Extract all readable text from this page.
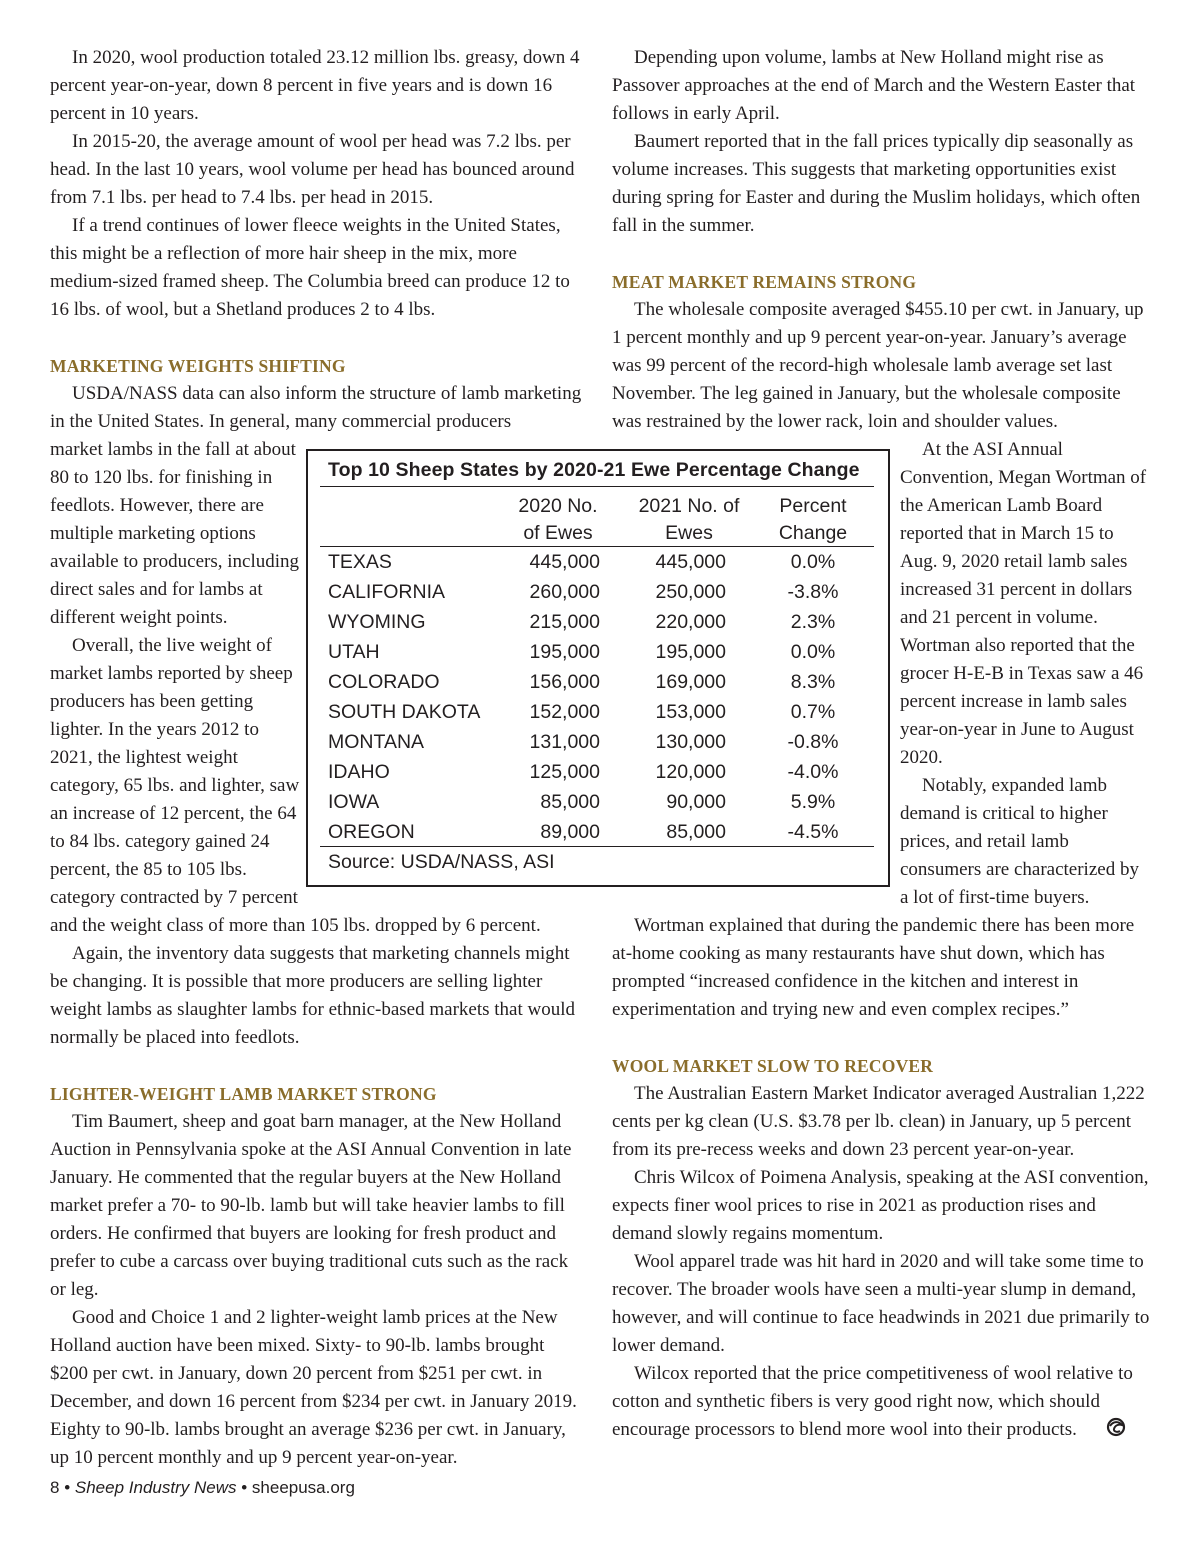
In 2020, wool production totaled 23.12 million lbs. greasy, down 4 percent year-on-year, down 8 percent in five years and is down 16 percent in 10 years.

In 2015-20, the average amount of wool per head was 7.2 lbs. per head. In the last 10 years, wool volume per head has bounced around from 7.1 lbs. per head to 7.4 lbs. per head in 2015.

If a trend continues of lower fleece weights in the United States, this might be a reflection of more hair sheep in the mix, more medium-sized framed sheep. The Columbia breed can produce 12 to 16 lbs. of wool, but a Shetland produces 2 to 4 lbs.

MARKETING WEIGHTS SHIFTING

USDA/NASS data can also inform the structure of lamb marketing in the United States. In general, many commercial producers

market lambs in the fall at about 80 to 120 lbs. for finishing in feedlots. However, there are multiple marketing options available to producers, including direct sales and for lambs at different weight points.

Overall, the live weight of market lambs reported by sheep producers has been getting lighter. In the years 2012 to 2021, the lightest weight category, 65 lbs. and lighter, saw an increase of 12 percent, the 64 to 84 lbs. category gained 24 percent, the 85 to 105 lbs. category contracted by 7 percent

and the weight class of more than 105 lbs. dropped by 6 percent.

Again, the inventory data suggests that marketing channels might be changing. It is possible that more producers are selling lighter weight lambs as slaughter lambs for ethnic-based markets that would normally be placed into feedlots.

LIGHTER-WEIGHT LAMB MARKET STRONG

Tim Baumert, sheep and goat barn manager, at the New Holland Auction in Pennsylvania spoke at the ASI Annual Convention in late January. He commented that the regular buyers at the New Holland market prefer a 70- to 90-lb. lamb but will take heavier lambs to fill orders. He confirmed that buyers are looking for fresh product and prefer to cube a carcass over buying traditional cuts such as the rack or leg.

Good and Choice 1 and 2 lighter-weight lamb prices at the New Holland auction have been mixed. Sixty- to 90-lb. lambs brought $200 per cwt. in January, down 20 percent from $251 per cwt. in December, and down 16 percent from $234 per cwt. in January 2019. Eighty to 90-lb. lambs brought an average $236 per cwt. in January, up 10 percent monthly and up 9 percent year-on-year.

Depending upon volume, lambs at New Holland might rise as Passover approaches at the end of March and the Western Easter that follows in early April.

Baumert reported that in the fall prices typically dip seasonally as volume increases. This suggests that marketing opportunities exist during spring for Easter and during the Muslim holidays, which often fall in the summer.

MEAT MARKET REMAINS STRONG

The wholesale composite averaged $455.10 per cwt. in January, up 1 percent monthly and up 9 percent year-on-year. January’s average was 99 percent of the record-high wholesale lamb average set last November. The leg gained in January, but the wholesale composite was restrained by the lower rack, loin and shoulder values.

At the ASI Annual Convention, Megan Wortman of the American Lamb Board reported that in March 15 to Aug. 9, 2020 retail lamb sales increased 31 percent in dollars and 21 percent in volume. Wortman also reported that the grocer H-E-B in Texas saw a 46 percent increase in lamb sales year-on-year in June to August 2020.

Notably, expanded lamb demand is critical to higher prices, and retail lamb consumers are characterized by a lot of first-time buyers.

Wortman explained that during the pandemic there has been more at-home cooking as many restaurants have shut down, which has prompted “increased confidence in the kitchen and interest in experimentation and trying new and even complex recipes.”

WOOL MARKET SLOW TO RECOVER

The Australian Eastern Market Indicator averaged Australian 1,222 cents per kg clean (U.S. $3.78 per lb. clean) in January, up 5 percent from its pre-recess weeks and down 23 percent year-on-year.

Chris Wilcox of Poimena Analysis, speaking at the ASI convention, expects finer wool prices to rise in 2021 as production rises and demand slowly regains momentum.

Wool apparel trade was hit hard in 2020 and will take some time to recover. The broader wools have seen a multi-year slump in demand, however, and will continue to face headwinds in 2021 due primarily to lower demand.

Wilcox reported that the price competitiveness of wool relative to cotton and synthetic fibers is very good right now, which should encourage processors to blend more wool into their products.

Top 10 Sheep States by 2020-21 Ewe Percentage Change
2020 No.
of Ewes
2021 No. of
Ewes
Percent
Change
TEXAS	445,000	445,000	0.0%
CALIFORNIA	260,000	250,000	-3.8%
WYOMING	215,000	220,000	2.3%
UTAH	195,000	195,000	0.0%
COLORADO	156,000	169,000	8.3%
SOUTH DAKOTA	152,000	153,000	0.7%
MONTANA	131,000	130,000	-0.8%
IDAHO	125,000	120,000	-4.0%
IOWA	85,000	90,000	5.9%
OREGON	89,000	85,000	-4.5%
Source: USDA/NASS, ASI
8 • Sheep Industry News • sheepusa.org
